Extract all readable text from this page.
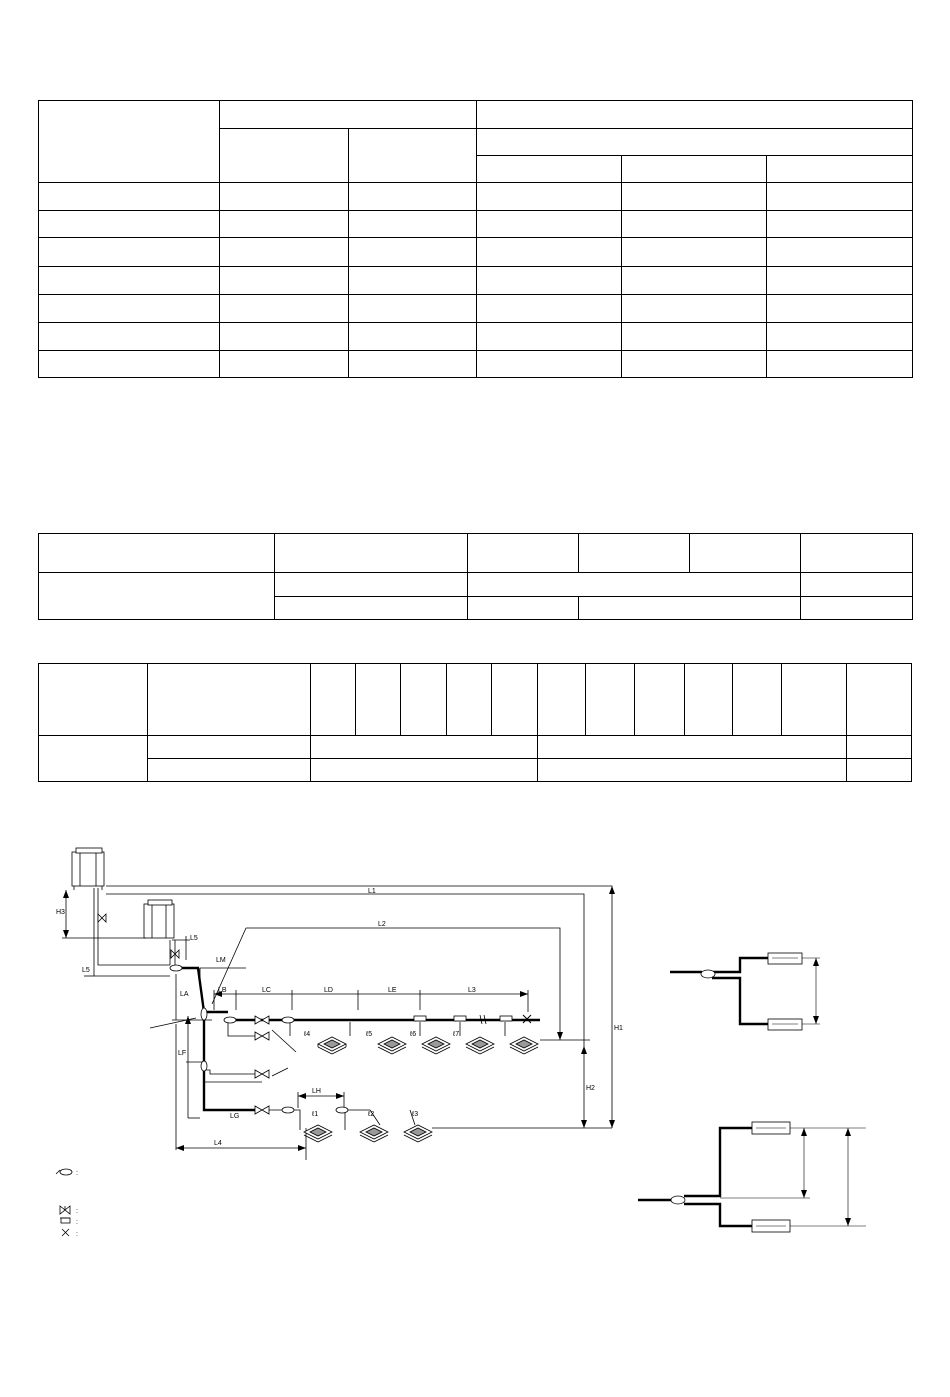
L1
L2
L3
L4
L5
L5
LA
LB	LC	LD	LE
LF
LG
LH
LM
H1
H2
H3
ℓ4	ℓ5	ℓ6	ℓ7
ℓ1	ℓ2	ℓ3
:
:
:
:
